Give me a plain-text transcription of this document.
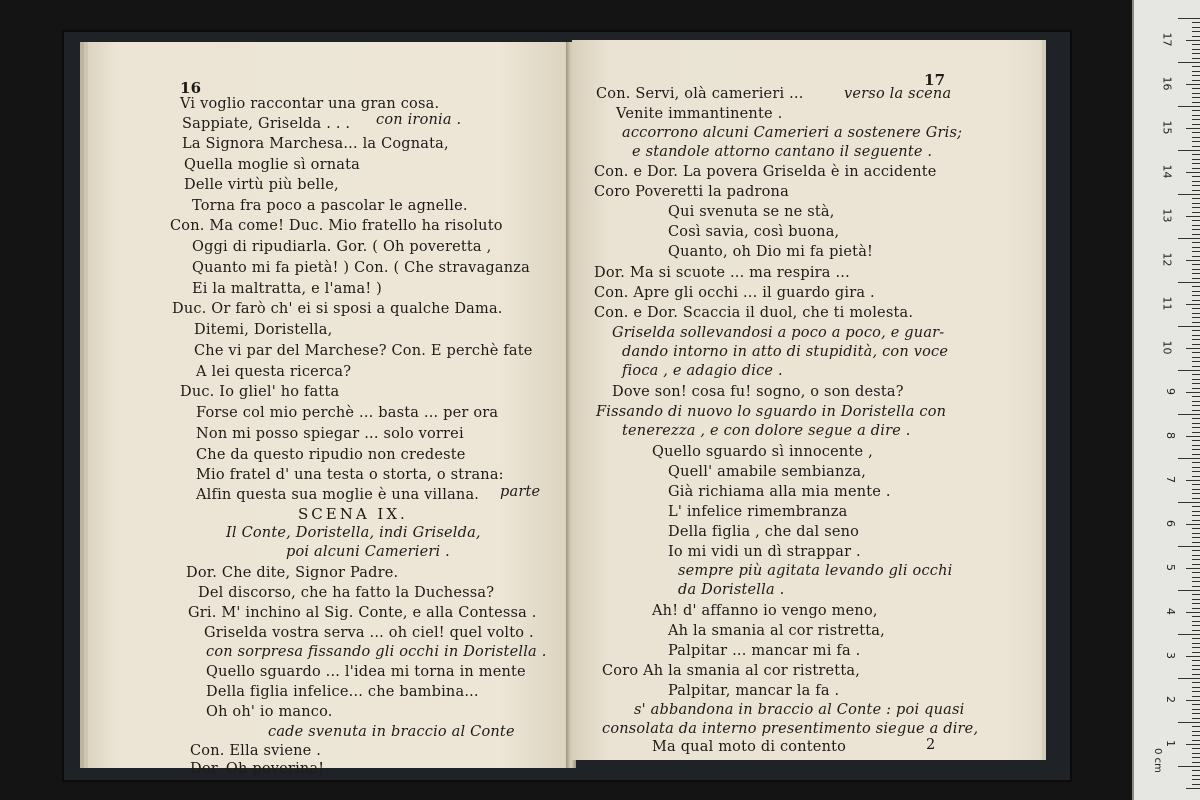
16
Vi voglio raccontar una gran cosa.
Sappiate, Griselda . . . con ironia .
La Signora Marchesa... la Cognata,
Quella moglie sì ornata
Delle virtù più belle,
Torna fra poco a pascolar le agnelle.
Con. Ma come! Duc. Mio fratello ha risoluto
Oggi di ripudiarla. Gor. ( Oh poveretta ,
Quanto mi fa pietà! ) Con. ( Che stravaganza
Ei la maltratta, e l'ama! )
Duc. Or farò ch' ei si sposi a qualche Dama.
Ditemi, Doristella,
Che vi par del Marchese? Con. E perchè fate
A lei questa ricerca?
Duc. Io gliel' ho fatta
Forse col mio perchè ... basta ... per ora
Non mi posso spiegar ... solo vorrei
Che da questo ripudio non credeste
Mio fratel d' una testa o storta, o strana:
Alfin questa sua moglie è una villana. parte
SCENA IX.
Il Conte, Doristella, indi Griselda,
poi alcuni Camerieri .
Dor. Che dite, Signor Padre.
Del discorso, che ha fatto la Duchessa?
Gri. M' inchino al Sig. Conte, e alla Contessa .
Griselda vostra serva ... oh ciel! quel volto .
con sorpresa fissando gli occhi in Doristella .
Quello sguardo ... l'idea mi torna in mente
Della figlia infelice... che bambina...
Oh oh' io manco.
cade svenuta in braccio al Conte
Con. Ella sviene .
Dor. Oh poverina!
17
Con. Servi, olà camerieri ...	verso la scena
Venite immantinente .
accorrono alcuni Camerieri a sostenere Gris;
e standole attorno cantano il seguente .
Con. e Dor. La povera Griselda è in accidente
Coro Poveretti la padrona
Qui svenuta se ne stà,
Così savia, così buona,
Quanto, oh Dio mi fa pietà!
Dor. Ma si scuote ... ma respira ...
Con. Apre gli occhi ... il guardo gira .
Con. e Dor. Scaccia il duol, che ti molesta.
Griselda sollevandosi a poco a poco, e guar-
dando intorno in atto di stupidità, con voce
fioca , e adagio dice .
Dove son! cosa fu! sogno, o son desta?
Fissando di nuovo lo sguardo in Doristella con
tenerezza , e con dolore segue a dire .
Quello sguardo sì innocente ,
Quell' amabile sembianza,
Già richiama alla mia mente .
L' infelice rimembranza
Della figlia , che dal seno
Io mi vidi un dì strappar .
sempre più agitata levando gli occhi
da Doristella .
Ah! d' affanno io vengo meno,
Ah la smania al cor ristretta,
Palpitar ... mancar mi fa .
Coro Ah la smania al cor ristretta,
Palpitar, mancar la fa .
s' abbandona in braccio al Conte : poi quasi
consolata da interno presentimento siegue a dire,
Ma qual moto di contento	2
0 cm
17
16
15
14
13
12
11
10
9
8
7
6
5
4
3
2
1
